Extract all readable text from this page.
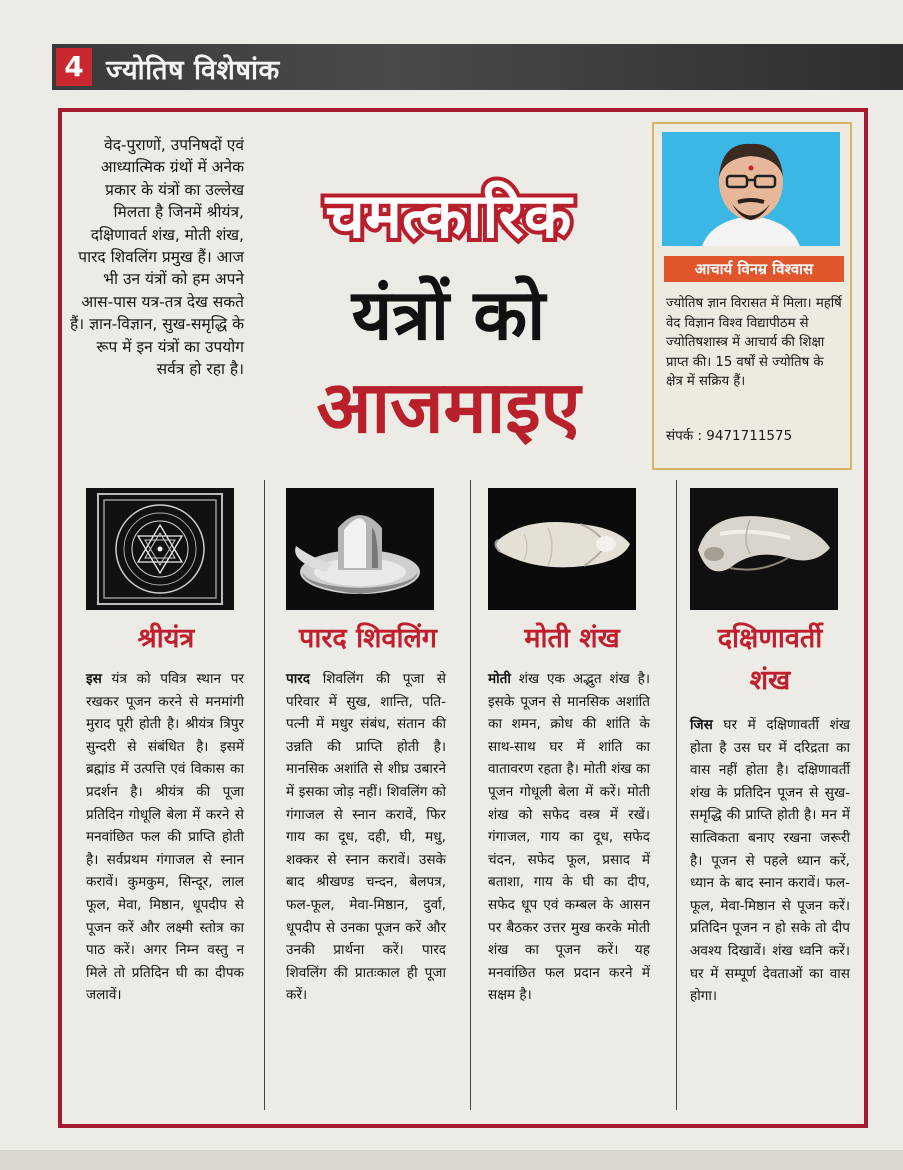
4 ज्योतिष विशेषांक
वेद-पुराणों, उपनिषदों एवं आध्यात्मिक ग्रंथों में अनेक प्रकार के यंत्रों का उल्लेख मिलता है जिनमें श्रीयंत्र, दक्षिणावर्त शंख, मोती शंख, पारद शिवलिंग प्रमुख हैं। आज भी उन यंत्रों को हम अपने आस-पास यत्र-तत्र देख सकते हैं। ज्ञान-विज्ञान, सुख-समृद्धि के रूप में इन यंत्रों का उपयोग सर्वत्र हो रहा है।
चमत्कारिक
यंत्रों को
आजमाइए
आचार्य विनम्र विश्वास
ज्योतिष ज्ञान विरासत में मिला। महर्षि वेद विज्ञान विश्व विद्यापीठम से ज्योतिषशास्त्र में आचार्य की शिक्षा प्राप्त की। 15 वर्षों से ज्योतिष के क्षेत्र में सक्रिय हैं।
संपर्क : 9471711575
श्रीयंत्र	पारद शिवलिंग	मोती शंख	दक्षिणावर्ती
शंख
इस यंत्र को पवित्र स्थान पर रखकर पूजन करने से मनमांगी मुराद पूरी होती है। श्रीयंत्र त्रिपुर सुन्दरी से संबंधित है। इसमें ब्रह्मांड में उत्पत्ति एवं विकास का प्रदर्शन है। श्रीयंत्र की पूजा प्रतिदिन गोधूलि बेला में करने से मनवांछित फल की प्राप्ति होती है। सर्वप्रथम गंगाजल से स्नान करावें। कुमकुम, सिन्दूर, लाल फूल, मेवा, मिष्ठान, धूपदीप से पूजन करें और लक्ष्मी स्तोत्र का पाठ करें। अगर निम्न वस्तु न मिले तो प्रतिदिन घी का दीपक जलावें।
पारद शिवलिंग की पूजा से परिवार में सुख, शान्ति, पति-पत्नी में मधुर संबंध, संतान की उन्नति की प्राप्ति होती है। मानसिक अशांति से शीघ्र उबारने में इसका जोड़ नहीं। शिवलिंग को गंगाजल से स्नान करावें, फिर गाय का दूध, दही, घी, मधु, शक्कर से स्नान करावें। उसके बाद श्रीखण्ड चन्दन, बेलपत्र, फल-फूल, मेवा-मिष्ठान, दुर्वा, धूपदीप से उनका पूजन करें और उनकी प्रार्थना करें। पारद शिवलिंग की प्रातःकाल ही पूजा करें।
मोती शंख एक अद्भुत शंख है। इसके पूजन से मानसिक अशांति का शमन, क्रोध की शांति के साथ-साथ घर में शांति का वातावरण रहता है। मोती शंख का पूजन गोधूली बेला में करें। मोती शंख को सफेद वस्त्र में रखें। गंगाजल, गाय का दूध, सफेद चंदन, सफेद फूल, प्रसाद में बताशा, गाय के घी का दीप, सफेद धूप एवं कम्बल के आसन पर बैठकर उत्तर मुख करके मोती शंख का पूजन करें। यह मनवांछित फल प्रदान करने में सक्षम है।
जिस घर में दक्षिणावर्ती शंख होता है उस घर में दरिद्रता का वास नहीं होता है। दक्षिणावर्ती शंख के प्रतिदिन पूजन से सुख-समृद्धि की प्राप्ति होती है। मन में सात्विकता बनाए रखना जरूरी है। पूजन से पहले ध्यान करें, ध्यान के बाद स्नान करावें। फल-फूल, मेवा-मिष्ठान से पूजन करें। प्रतिदिन पूजन न हो सके तो दीप अवश्य दिखावें। शंख ध्वनि करें। घर में सम्पूर्ण देवताओं का वास होगा।
